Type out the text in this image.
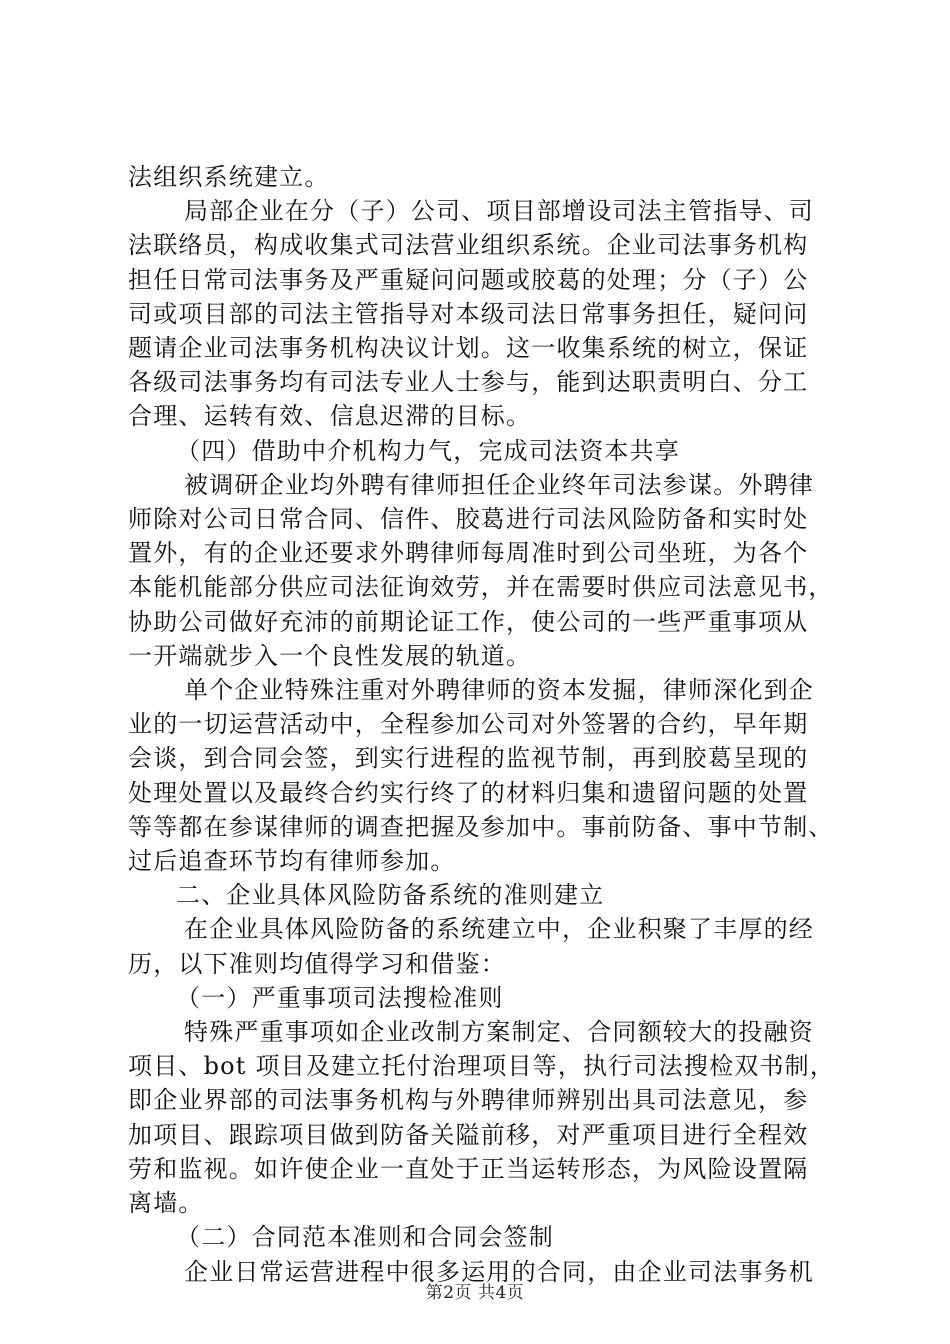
法组织系统建立。
局部企业在分（子）公司、项目部增设司法主管指导、司
法联络员，构成收集式司法营业组织系统。企业司法事务机构
担任日常司法事务及严重疑问问题或胶葛的处理；分（子）公
司或项目部的司法主管指导对本级司法日常事务担任，疑问问
题请企业司法事务机构决议计划。这一收集系统的树立，保证
各级司法事务均有司法专业人士参与，能到达职责明白、分工
合理、运转有效、信息迟滞的目标。
（四）借助中介机构力气，完成司法资本共享
被调研企业均外聘有律师担任企业终年司法参谋。外聘律
师除对公司日常合同、信件、胶葛进行司法风险防备和实时处
置外，有的企业还要求外聘律师每周准时到公司坐班，为各个
本能机能部分供应司法征询效劳，并在需要时供应司法意见书，
协助公司做好充沛的前期论证工作，使公司的一些严重事项从
一开端就步入一个良性发展的轨道。
单个企业特殊注重对外聘律师的资本发掘，律师深化到企
业的一切运营活动中，全程参加公司对外签署的合约，早年期
会谈，到合同会签，到实行进程的监视节制，再到胶葛呈现的
处理处置以及最终合约实行终了的材料归集和遗留问题的处置
等等都在参谋律师的调查把握及参加中。事前防备、事中节制、
过后追查环节均有律师参加。
二、企业具体风险防备系统的准则建立
在企业具体风险防备的系统建立中，企业积聚了丰厚的经
历，以下准则均值得学习和借鉴：
（一）严重事项司法搜检准则
特殊严重事项如企业改制方案制定、合同额较大的投融资
项目、bot 项目及建立托付治理项目等，执行司法搜检双书制，
即企业界部的司法事务机构与外聘律师辨别出具司法意见，参
加项目、跟踪项目做到防备关隘前移，对严重项目进行全程效
劳和监视。如许使企业一直处于正当运转形态，为风险设置隔
离墙。
（二）合同范本准则和合同会签制
企业日常运营进程中很多运用的合同，由企业司法事务机
第2页 共4页
